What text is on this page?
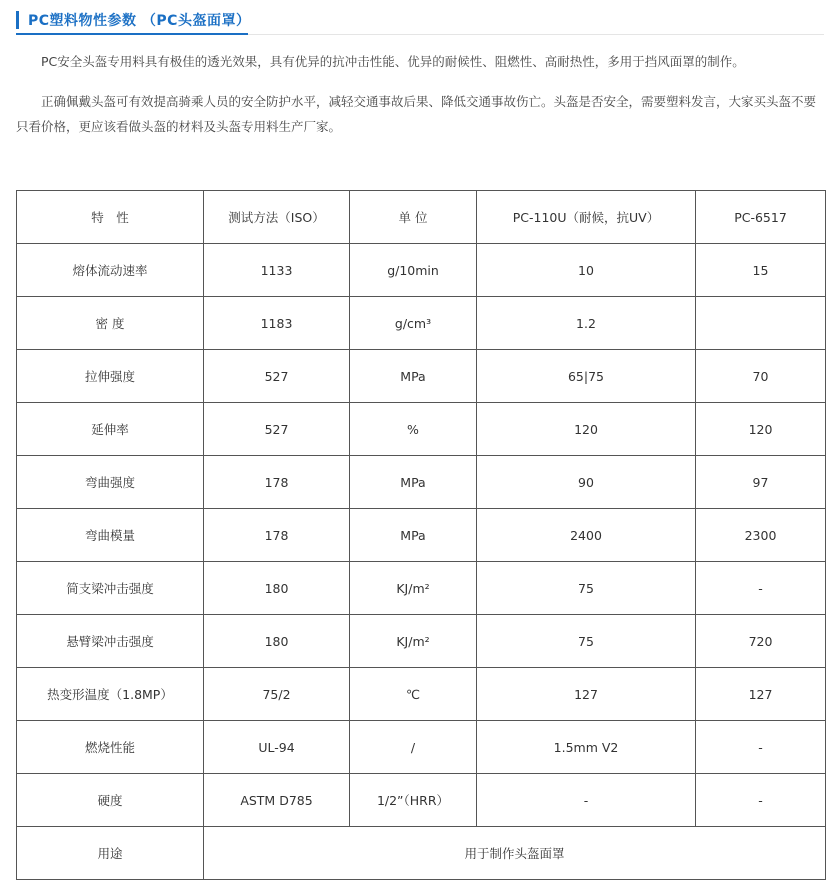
PC塑料物性参数 （PC头盔面罩）
PC安全头盔专用料具有极佳的透光效果，具有优异的抗冲击性能、优异的耐候性、阻燃性、高耐热性，多用于挡风面罩的制作。
正确佩戴头盔可有效提高骑乘人员的安全防护水平，减轻交通事故后果、降低交通事故伤亡。头盔是否安全，需要塑料发言，大家买头盔不要只看价格，更应该看做头盔的材料及头盔专用料生产厂家。
特　性	测试方法（ISO）	单 位	PC-110U（耐候，抗UV）	PC-6517
熔体流动速率	1133	g/10min	10	15
密 度	1183	g/cm³	1.2	
拉伸强度	527	MPa	65|75	70
延伸率	527	%	120	120
弯曲强度	178	MPa	90	97
弯曲模量	178	MPa	2400	2300
简支梁冲击强度	180	KJ/m²	75	-
悬臂梁冲击强度	180	KJ/m²	75	720
热变形温度（1.8MP）	75/2	℃	127	127
燃烧性能	UL-94	/	1.5mm V2	-
硬度	ASTM D785	1/2”（HRR）	-	-
用途	用于制作头盔面罩			
